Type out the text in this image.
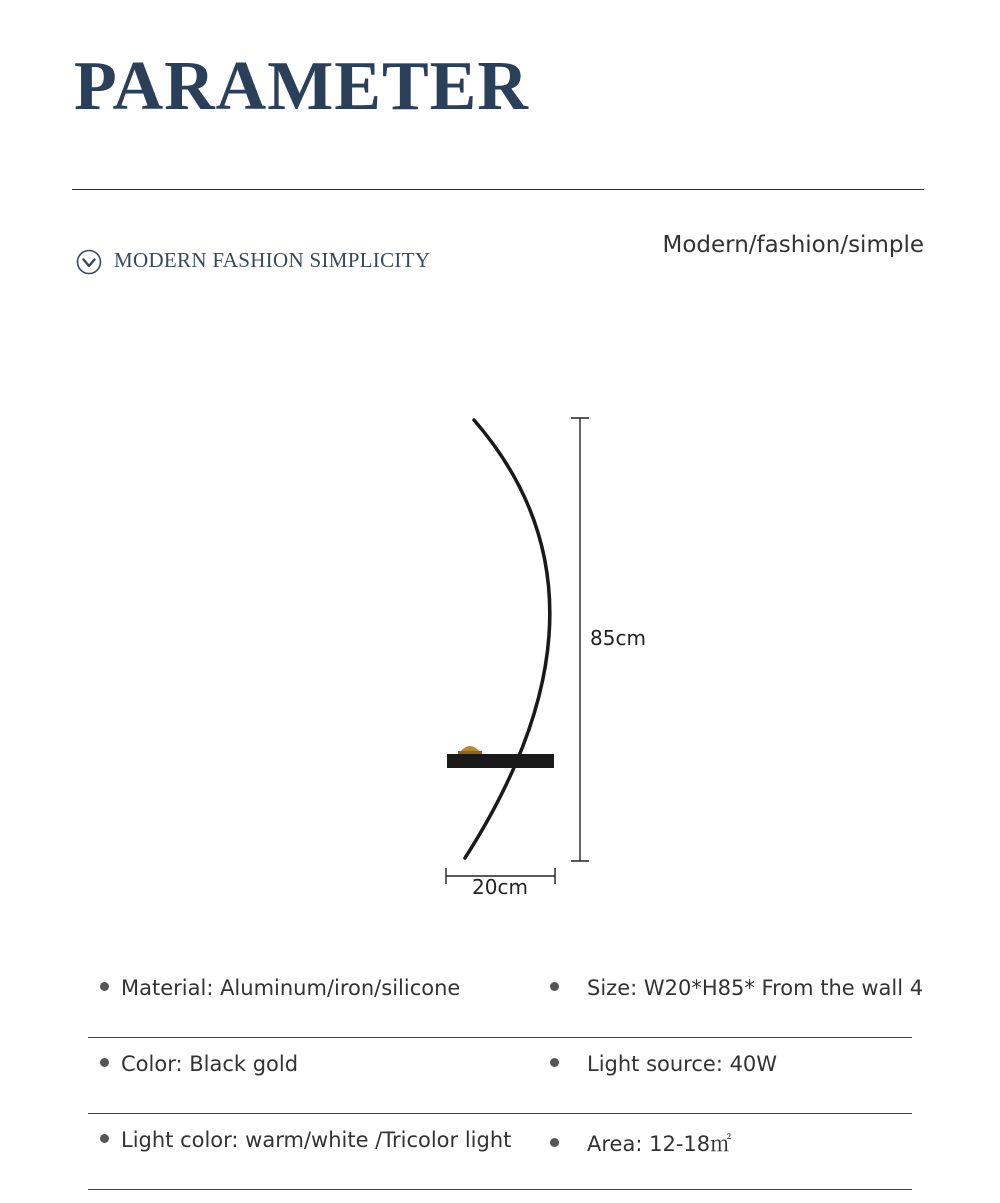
PARAMETER
MODERN FASHION SIMPLICITY
Modern/fashion/simple
85cm
20cm
Material: Aluminum/iron/silicone	Size: W20*H85* From the wall 4
Color: Black gold	Light source: 40W
Light color: warm/white /Tricolor light	Area: 12-18㎡
